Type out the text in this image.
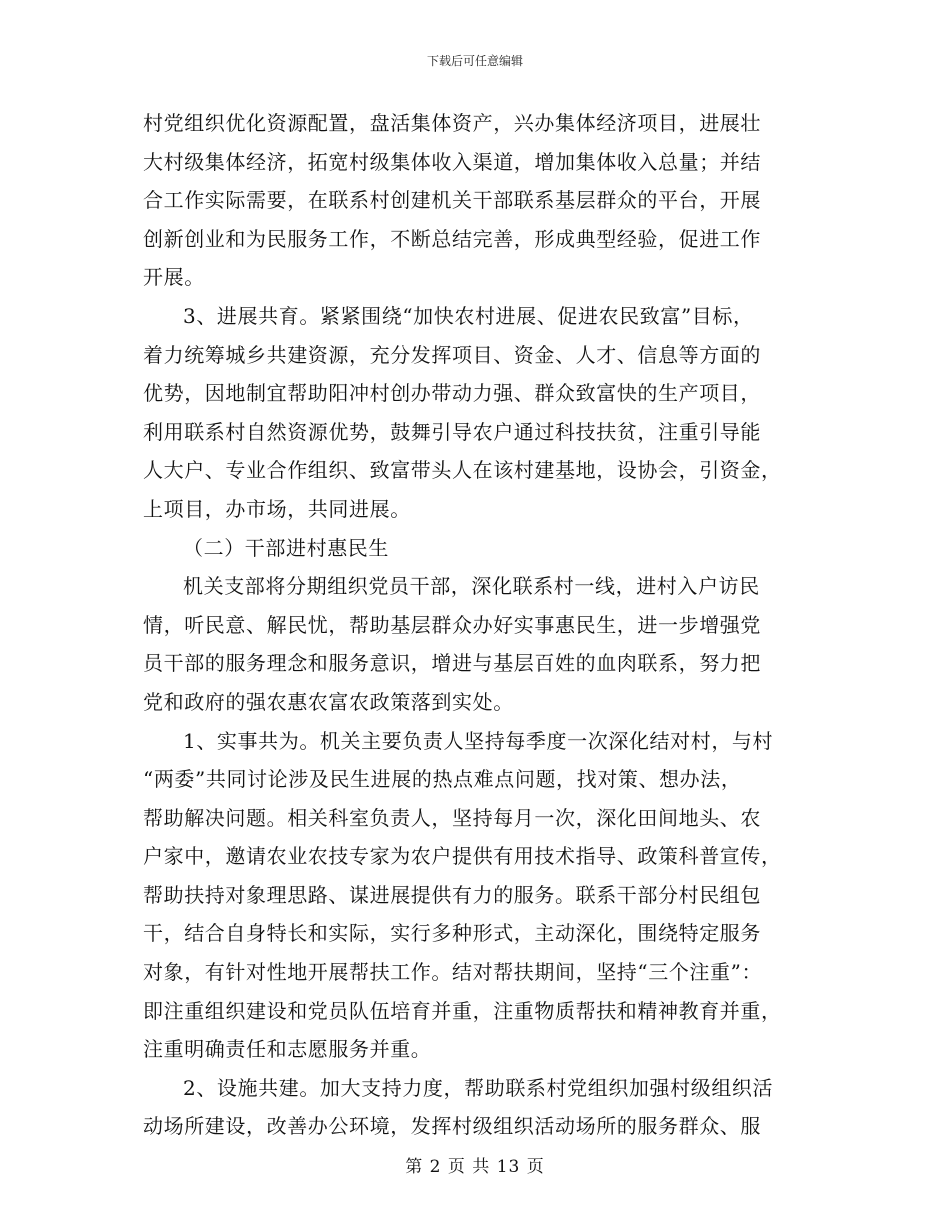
下载后可任意编辑
村党组织优化资源配置，盘活集体资产，兴办集体经济项目，进展壮
大村级集体经济，拓宽村级集体收入渠道，增加集体收入总量；并结
合工作实际需要，在联系村创建机关干部联系基层群众的平台，开展
创新创业和为民服务工作，不断总结完善，形成典型经验，促进工作
开展。
3、进展共育。紧紧围绕“加快农村进展、促进农民致富”目标，
着力统筹城乡共建资源，充分发挥项目、资金、人才、信息等方面的
优势，因地制宜帮助阳冲村创办带动力强、群众致富快的生产项目，
利用联系村自然资源优势，鼓舞引导农户通过科技扶贫，注重引导能
人大户、专业合作组织、致富带头人在该村建基地，设协会，引资金，
上项目，办市场，共同进展。
（二）干部进村惠民生
机关支部将分期组织党员干部，深化联系村一线，进村入户访民
情，听民意、解民忧，帮助基层群众办好实事惠民生，进一步增强党
员干部的服务理念和服务意识，增进与基层百姓的血肉联系，努力把
党和政府的强农惠农富农政策落到实处。
1、实事共为。机关主要负责人坚持每季度一次深化结对村，与村
“两委”共同讨论涉及民生进展的热点难点问题，找对策、想办法，
帮助解决问题。相关科室负责人，坚持每月一次，深化田间地头、农
户家中，邀请农业农技专家为农户提供有用技术指导、政策科普宣传，
帮助扶持对象理思路、谋进展提供有力的服务。联系干部分村民组包
干，结合自身特长和实际，实行多种形式，主动深化，围绕特定服务
对象，有针对性地开展帮扶工作。结对帮扶期间，坚持“三个注重”：
即注重组织建设和党员队伍培育并重，注重物质帮扶和精神教育并重，
注重明确责任和志愿服务并重。
2、设施共建。加大支持力度，帮助联系村党组织加强村级组织活
动场所建设，改善办公环境，发挥村级组织活动场所的服务群众、服
第 2 页 共 13 页
